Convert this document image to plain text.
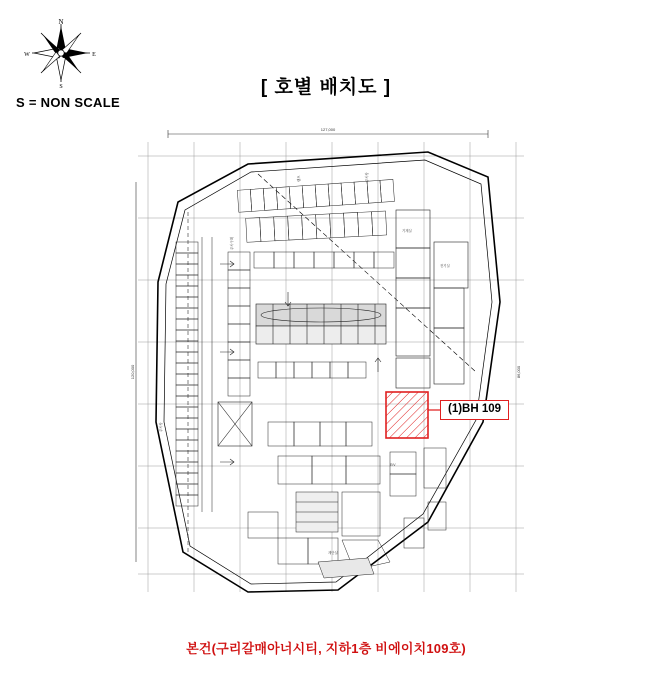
N
S
E
W
S = NON SCALE
[ 호별 배치도 ]
127,000
120,000	86,000
주차구획
램프	주차장
기계실
전기실
주차장
계단실
E/V
(1)BH 109
본건(구리갈매아너시티, 지하1층 비에이치109호)
